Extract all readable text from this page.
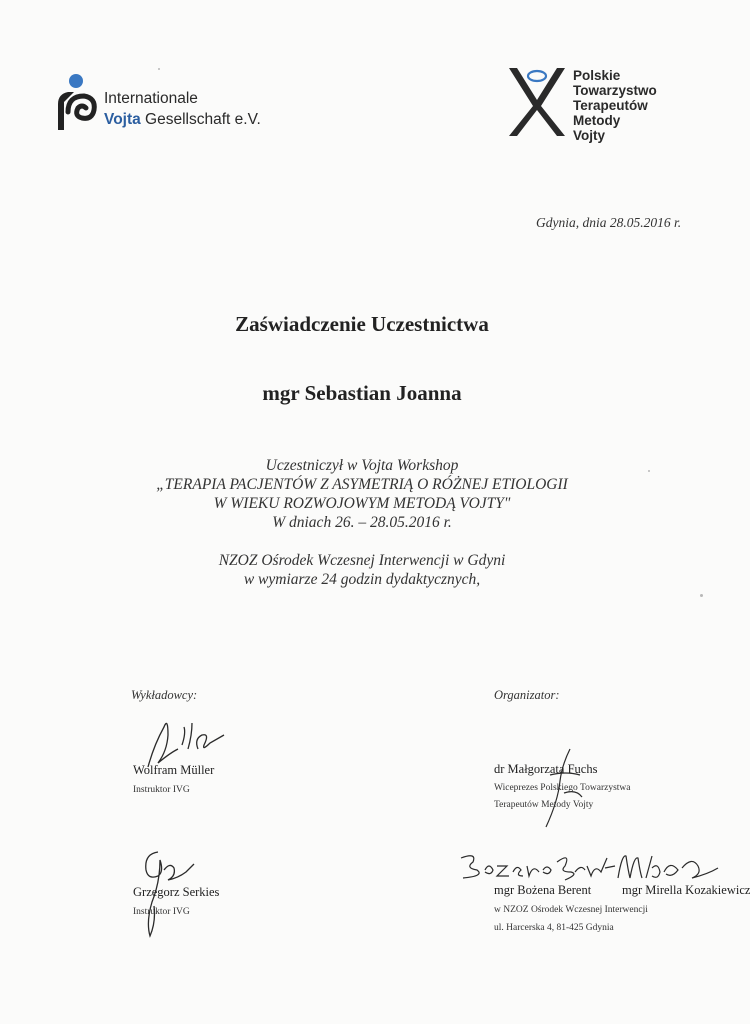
Internationale
Vojta Gesellschaft e.V.
Polskie
Towarzystwo
Terapeutów
Metody
Vojty
Gdynia, dnia 28.05.2016 r.
Zaświadczenie Uczestnictwa
mgr Sebastian Joanna
Uczestniczył w Vojta Workshop
„TERAPIA PACJENTÓW Z ASYMETRIĄ O RÓŻNEJ ETIOLOGII
W WIEKU ROZWOJOWYM METODĄ VOJTY"
W dniach 26. – 28.05.2016 r.
NZOZ Ośrodek Wczesnej Interwencji w Gdyni
w wymiarze 24 godzin dydaktycznych,
Wykładowcy:
Wolfram Müller
Instruktor IVG
Grzegorz Serkies
Instruktor IVG
Organizator:
dr Małgorzata Fuchs
Wiceprezes Polskiego Towarzystwa
Terapeutów Metody Vojty
mgr Bożena Berent mgr Mirella Kozakiewicz
w NZOZ Ośrodek Wczesnej Interwencji
ul. Harcerska 4, 81-425 Gdynia
